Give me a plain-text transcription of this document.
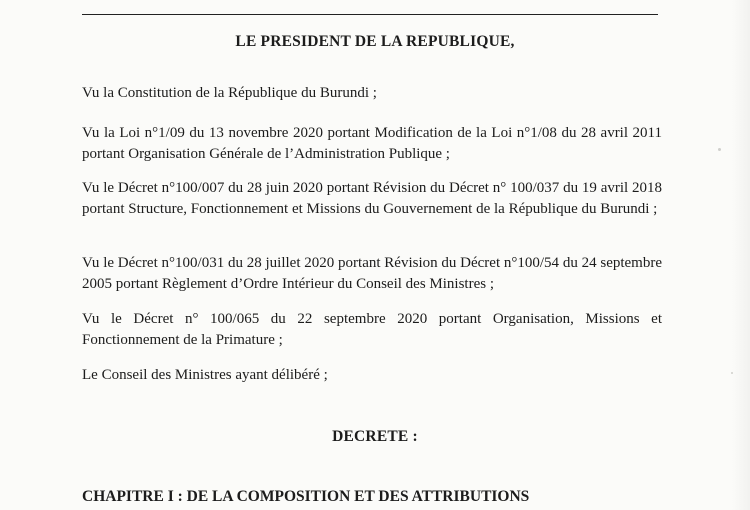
LE PRESIDENT DE LA REPUBLIQUE,

Vu la Constitution de la République du Burundi ;

Vu la Loi n°1/09 du 13 novembre 2020 portant Modification de la Loi n°1/08 du 28 avril 2011 portant Organisation Générale de l’Administration Publique ;

Vu le Décret n°100/007 du 28 juin 2020 portant Révision du Décret n° 100/037 du 19 avril 2018 portant Structure, Fonctionnement et Missions du Gouvernement de la République du Burundi ;

Vu le Décret n°100/031 du 28 juillet 2020 portant Révision du Décret n°100/54 du 24 septembre 2005 portant Règlement d’Ordre Intérieur du Conseil des Ministres ;

Vu le Décret n° 100/065 du 22 septembre 2020 portant Organisation, Missions et Fonctionnement de la Primature ;

Le Conseil des Ministres ayant délibéré ;

DECRETE :
CHAPITRE I : DE LA COMPOSITION ET DES ATTRIBUTIONS
